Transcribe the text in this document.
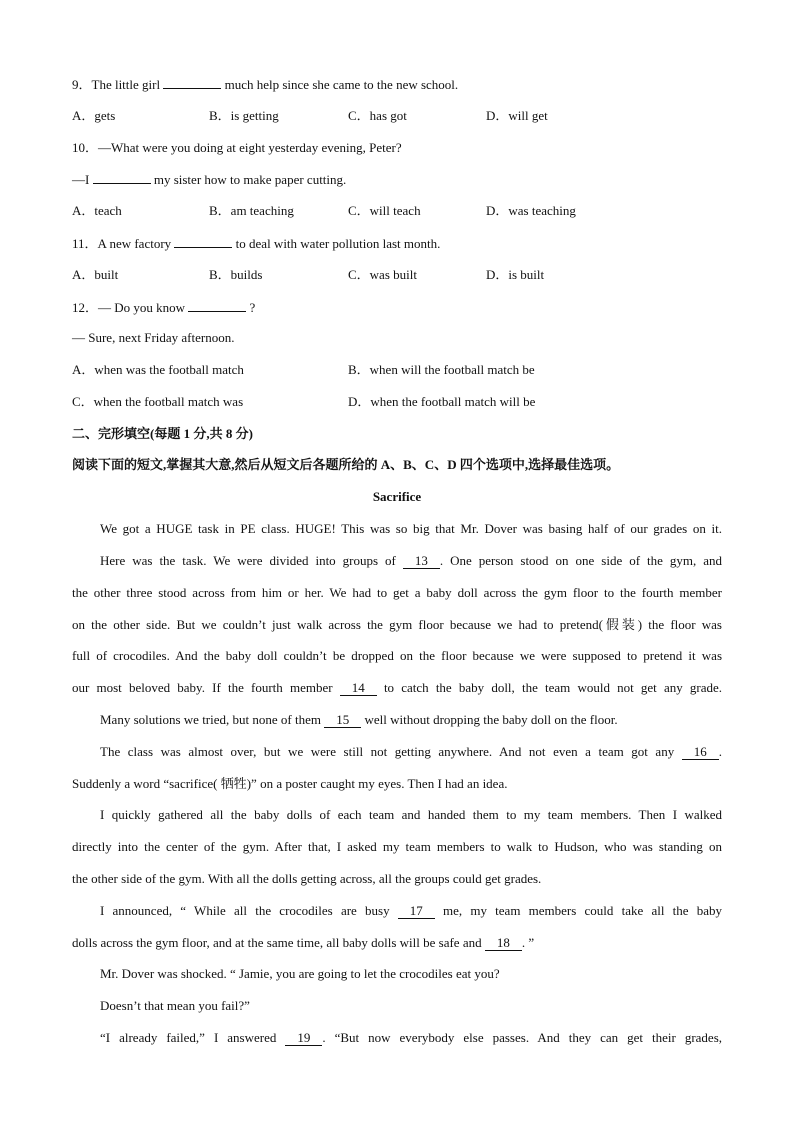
9．The little girl	much help since she came to the new school.
A．gets	B．is getting	C．has got	D．will get
10．—What were you doing at eight yesterday evening, Peter?
—I	my sister how to make paper cutting.
A．teach	B．am teaching	C．will teach	D．was teaching
11．A new factory	to deal with water pollution last month.
A．built	B．builds	C．was built	D．is built
12．— Do you know	?
— Sure, next Friday afternoon.
A．when was the football match	B．when will the football match be
C．when the football match was	D．when the football match will be
二、完形填空(每题 1 分,共 8 分)
阅读下面的短文,掌握其大意,然后从短文后各题所给的 A、B、C、D 四个选项中,选择最佳选项。
Sacrifice
We got a HUGE task in PE class. HUGE! This was so big that Mr. Dover was basing half of our grades on it.
Here was the task. We were divided into groups of 13 . One person stood on one side of the gym, and
the other three stood across from him or her. We had to get a baby doll across the gym floor to the fourth member
on the other side. But we couldn’t just walk across the gym floor because we had to pretend(假装) the floor was
full of crocodiles. And the baby doll couldn’t be dropped on the floor because we were supposed to pretend it was
our most beloved baby. If the fourth member 14 to catch the baby doll, the team would not get any grade.
Many solutions we tried, but none of them 15 well without dropping the baby doll on the floor.
The class was almost over, but we were still not getting anywhere. And not even a team got any 16 .
Suddenly a word “sacrifice( 牺牲)” on a poster caught my eyes. Then I had an idea.
I quickly gathered all the baby dolls of each team and handed them to my team members. Then I walked
directly into the center of the gym. After that, I asked my team members to walk to Hudson, who was standing on
the other side of the gym. With all the dolls getting across, all the groups could get grades.
I announced, “ While all the crocodiles are busy 17 me, my team members could take all the baby
dolls across the gym floor, and at the same time, all baby dolls will be safe and 18 . ”
Mr. Dover was shocked. “ Jamie, you are going to let the crocodiles eat you?
Doesn’t that mean you fail?”
“I already failed,” I answered 19 . “But now everybody else passes. And they can get their grades,
